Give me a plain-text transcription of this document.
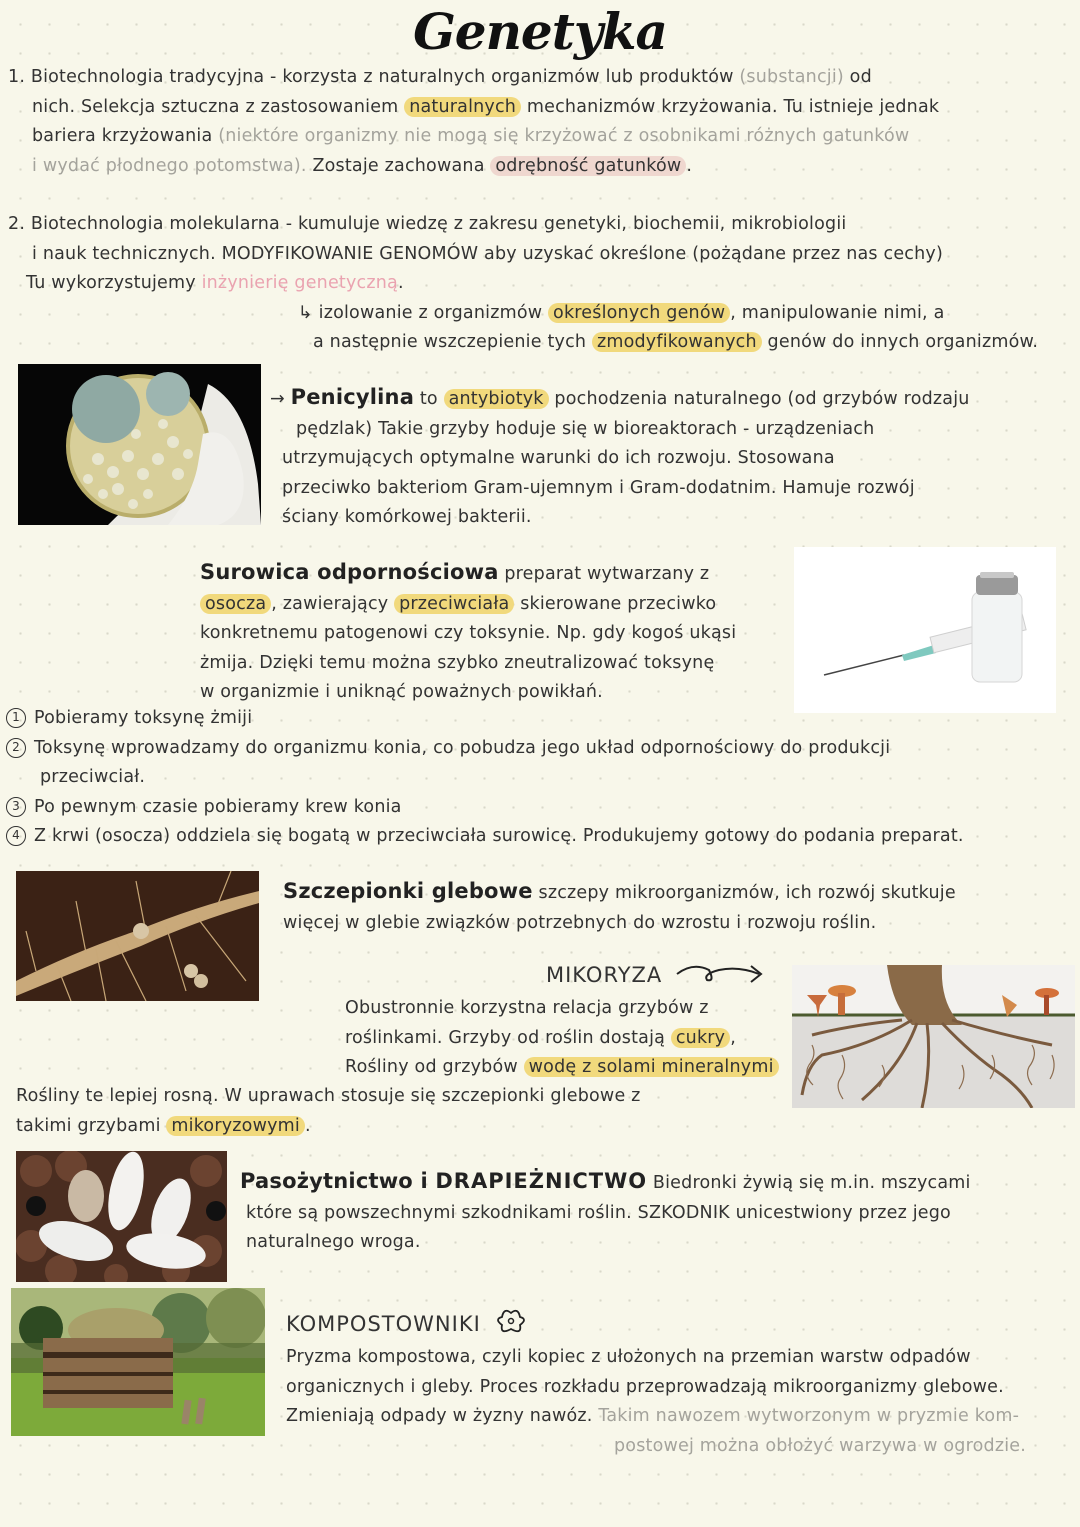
Genetyka

1. Biotechnologia tradycyjna - korzysta z naturalnych organizmów lub produktów (substancji) od

nich. Selekcja sztuczna z zastosowaniem naturalnych mechanizmów krzyżowania. Tu istnieje jednak

bariera krzyżowania (niektóre organizmy nie mogą się krzyżować z osobnikami różnych gatunków

i wydać płodnego potomstwa). Zostaje zachowana odrębność gatunków .

2. Biotechnologia molekularna - kumuluje wiedzę z zakresu genetyki, biochemii, mikrobiologii

i nauk technicznych. MODYFIKOWANIE GENOMÓW aby uzyskać określone (pożądane przez nas cechy)

Tu wykorzystujemy inżynierię genetyczną.

↳ izolowanie z organizmów określonych genów , manipulowanie nimi, a

a następnie wszczepienie tych zmodyfikowanych genów do innych organizmów.

→ Penicylina to antybiotyk pochodzenia naturalnego (od grzybów rodzaju

pędzlak) Takie grzyby hoduje się w bioreaktorach - urządzeniach

utrzymujących optymalne warunki do ich rozwoju. Stosowana

przeciwko bakteriom Gram-ujemnym i Gram-dodatnim. Hamuje rozwój

ściany komórkowej bakterii.

Surowica odpornościowa preparat wytwarzany z

osocza , zawierający przeciwciała skierowane przeciwko

konkretnemu patogenowi czy toksynie. Np. gdy kogoś ukąsi

żmija. Dzięki temu można szybko zneutralizować toksynę

w organizmie i uniknąć poważnych powikłań.

1 Pobieramy toksynę żmiji

2 Toksynę wprowadzamy do organizmu konia, co pobudza jego układ odpornościowy do produkcji

przeciwciał.

3 Po pewnym czasie pobieramy krew konia

4 Z krwi (osocza) oddziela się bogatą w przeciwciała surowicę. Produkujemy gotowy do podania preparat.

Szczepionki glebowe szczepy mikroorganizmów, ich rozwój skutkuje

więcej w glebie związków potrzebnych do wzrostu i rozwoju roślin.

MIKORYZA

Obustronnie korzystna relacja grzybów z

roślinkami. Grzyby od roślin dostają cukry ,

Rośliny od grzybów wodę z solami mineralnymi

Rośliny te lepiej rosną. W uprawach stosuje się szczepionki glebowe z

takimi grzybami mikoryzowymi .

Pasożytnictwo i DRAPIEŻNICTWO Biedronki żywią się m.in. mszycami

które są powszechnymi szkodnikami roślin. SZKODNIK unicestwiony przez jego

naturalnego wroga.

KOMPOSTOWNIKI

Pryzma kompostowa, czyli kopiec z ułożonych na przemian warstw odpadów

organicznych i gleby. Proces rozkładu przeprowadzają mikroorganizmy glebowe.

Zmieniają odpady w żyzny nawóz. Takim nawozem wytworzonym w pryzmie kom-

postowej można obłożyć warzywa w ogrodzie.
